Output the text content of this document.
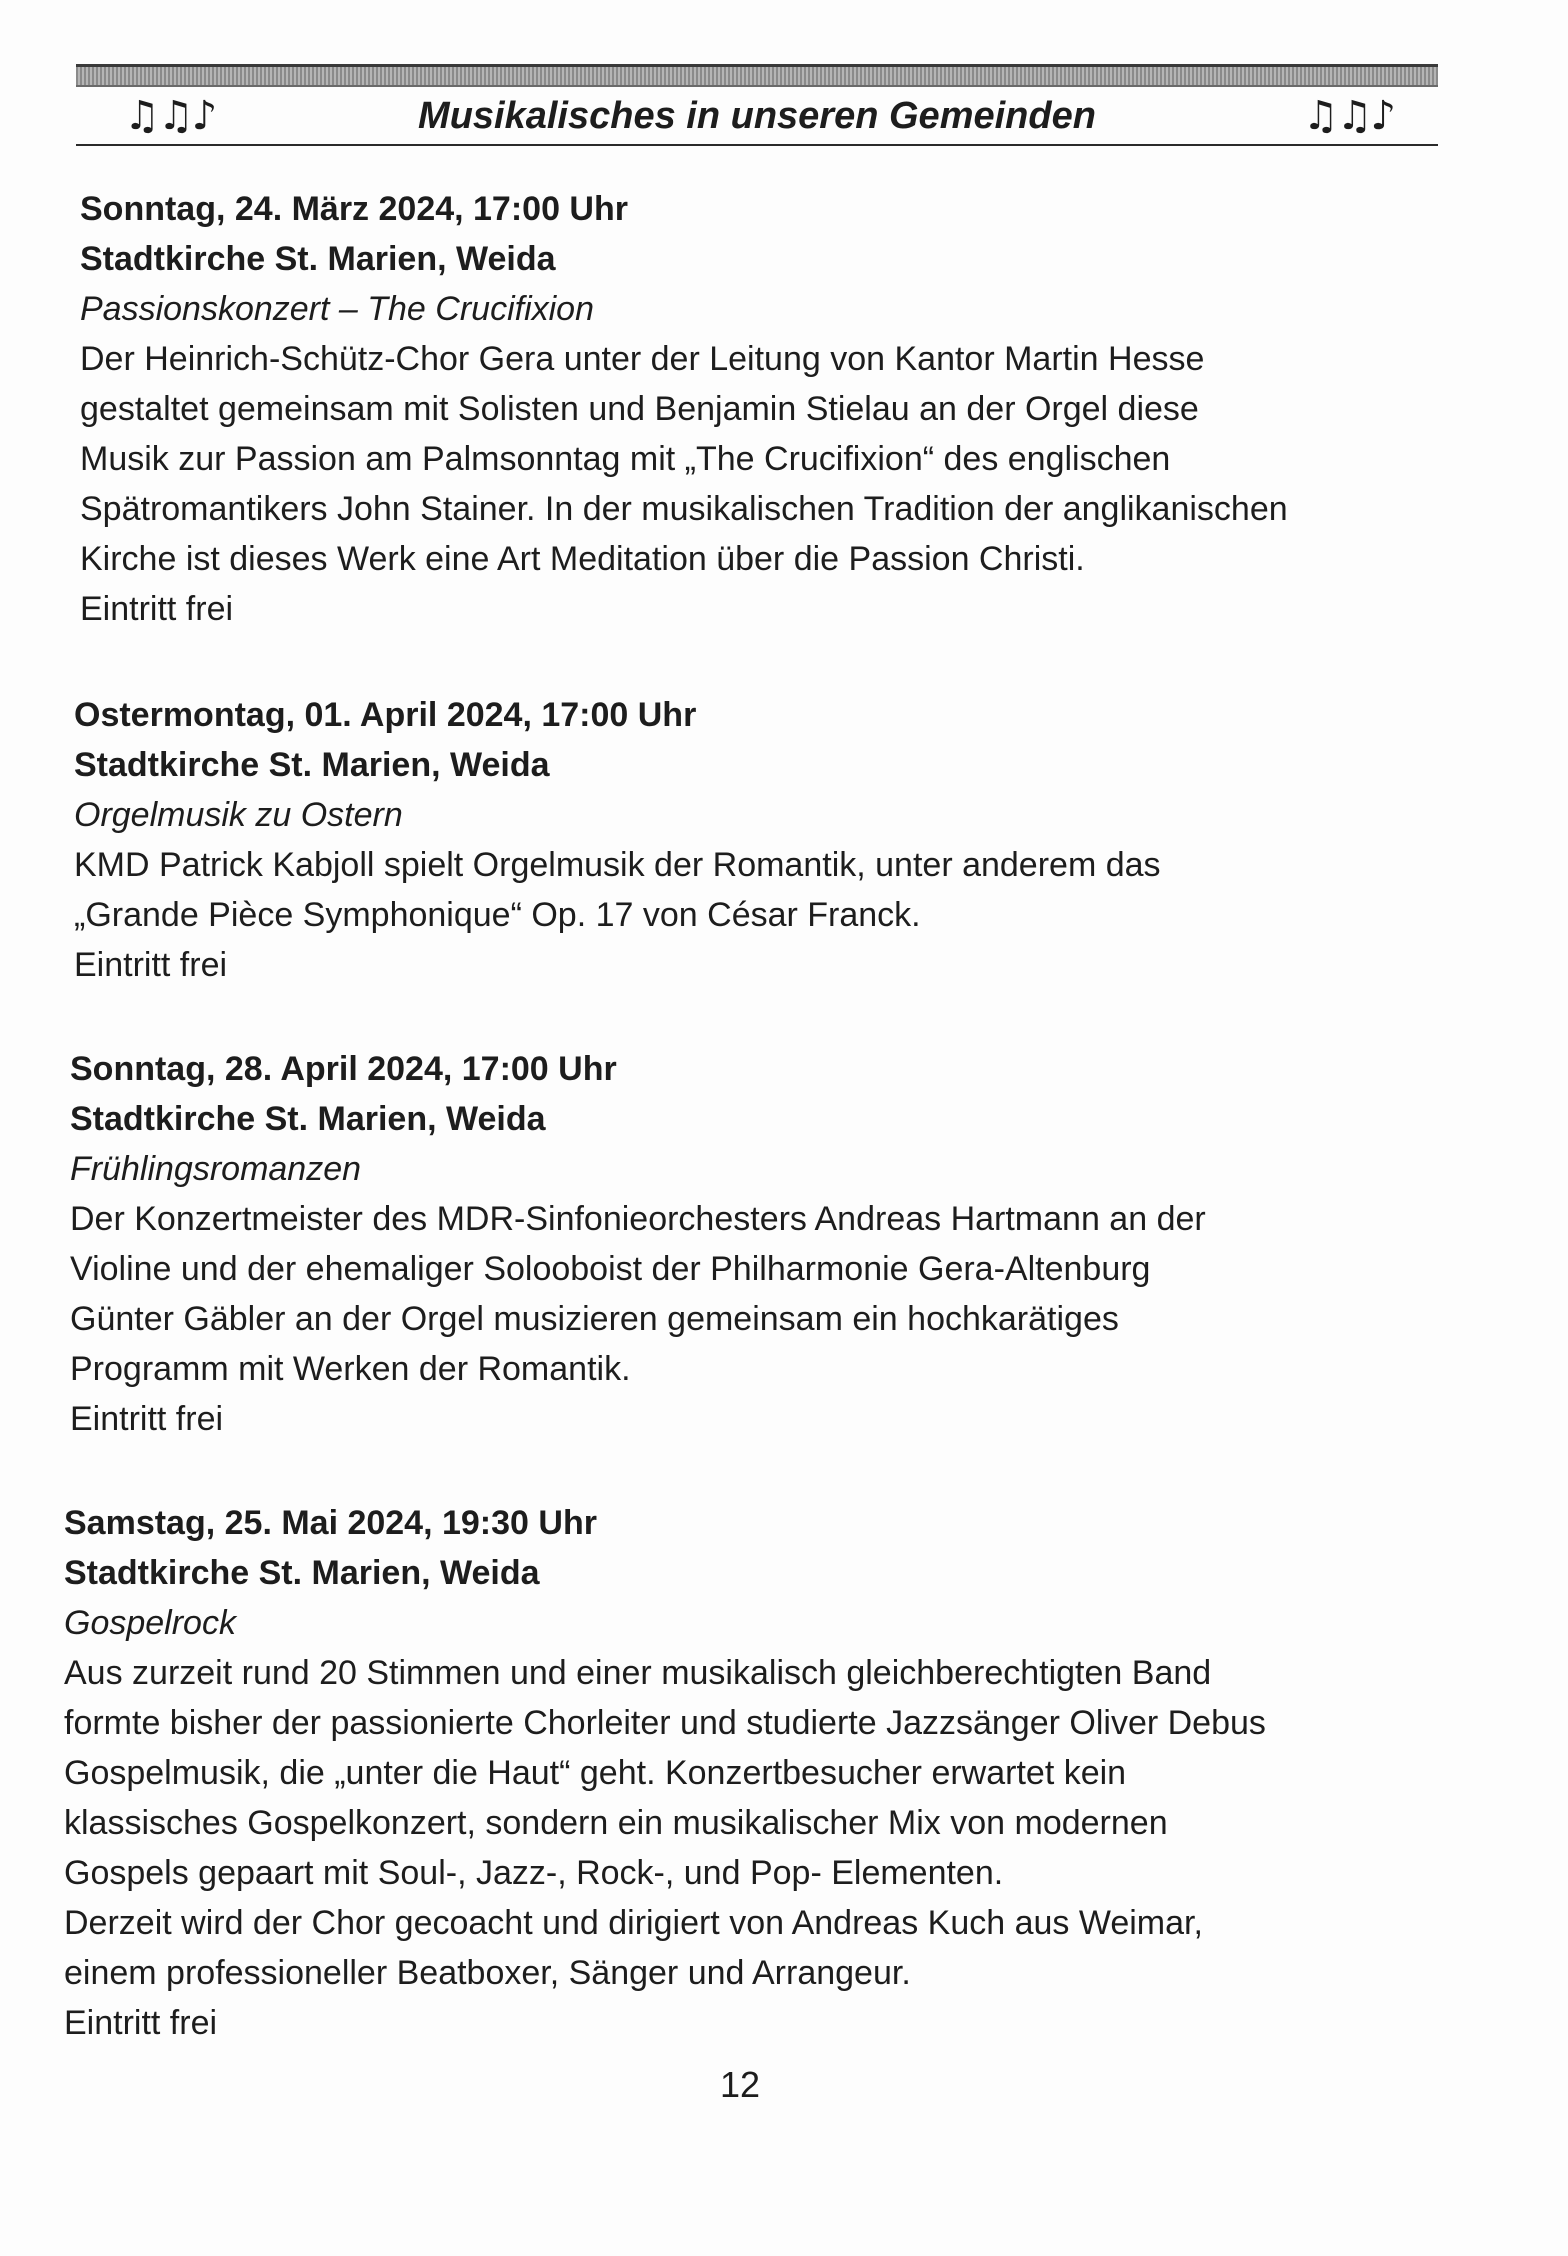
♫♫♪	Musikalisches in unseren Gemeinden	♫♫♪
Sonntag, 24. März 2024, 17:00 Uhr
Stadtkirche St. Marien, Weida
Passionskonzert – The Crucifixion
Der Heinrich-Schütz-Chor Gera unter der Leitung von Kantor Martin Hesse
gestaltet gemeinsam mit Solisten und Benjamin Stielau an der Orgel diese
Musik zur Passion am Palmsonntag mit „The Crucifixion“ des englischen
Spätromantikers John Stainer. In der musikalischen Tradition der anglikanischen
Kirche ist dieses Werk eine Art Meditation über die Passion Christi.
Eintritt frei
Ostermontag, 01. April 2024, 17:00 Uhr
Stadtkirche St. Marien, Weida
Orgelmusik zu Ostern
KMD Patrick Kabjoll spielt Orgelmusik der Romantik, unter anderem das
„Grande Pièce Symphonique“ Op. 17 von César Franck.
Eintritt frei
Sonntag, 28. April 2024, 17:00 Uhr
Stadtkirche St. Marien, Weida
Frühlingsromanzen
Der Konzertmeister des MDR-Sinfonieorchesters Andreas Hartmann an der
Violine und der ehemaliger Solooboist der Philharmonie Gera-Altenburg
Günter Gäbler an der Orgel musizieren gemeinsam ein hochkarätiges
Programm mit Werken der Romantik.
Eintritt frei
Samstag, 25. Mai 2024, 19:30 Uhr
Stadtkirche St. Marien, Weida
Gospelrock
Aus zurzeit rund 20 Stimmen und einer musikalisch gleichberechtigten Band
formte bisher der passionierte Chorleiter und studierte Jazzsänger Oliver Debus
Gospelmusik, die „unter die Haut“ geht. Konzertbesucher erwartet kein
klassisches Gospelkonzert, sondern ein musikalischer Mix von modernen
Gospels gepaart mit Soul-, Jazz-, Rock-, und Pop- Elementen.
Derzeit wird der Chor gecoacht und dirigiert von Andreas Kuch aus Weimar,
einem professioneller Beatboxer, Sänger und Arrangeur.
Eintritt frei
12
